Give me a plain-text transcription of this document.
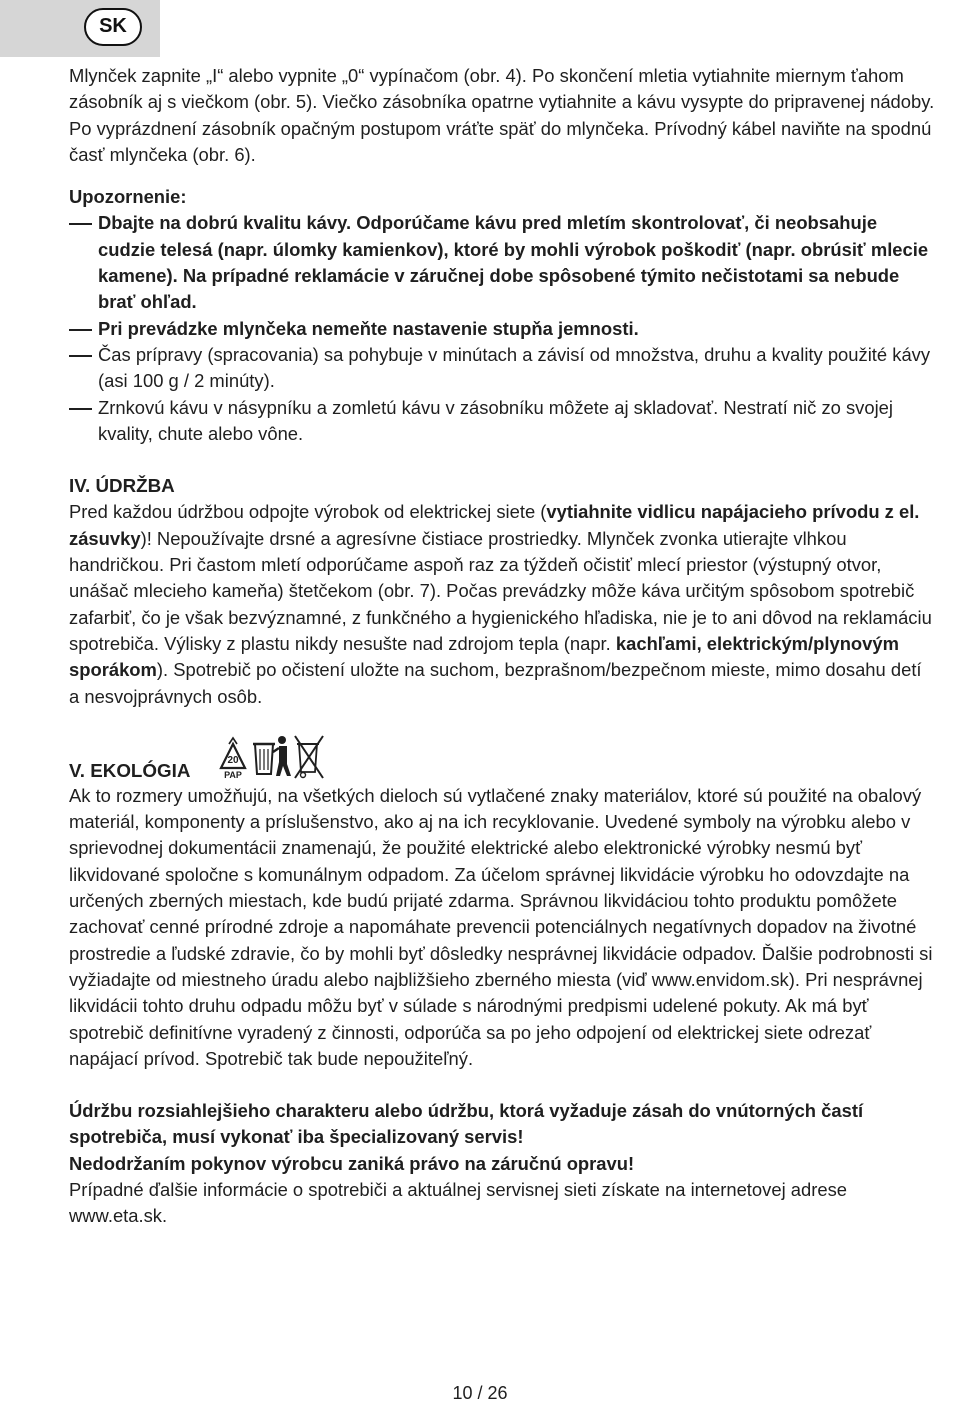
SK

Mlynček zapnite „I“ alebo vypnite „0“ vypínačom (obr. 4). Po skončení mletia vytiahnite miernym ťahom zásobník aj s viečkom (obr. 5). Viečko zásobníka opatrne vytiahnite a kávu vysypte do pripravenej nádoby. Po vyprázdnení zásobník opačným postupom vráťte späť do mlynčeka. Prívodný kábel naviňte na spodnú časť mlynčeka (obr. 6).

Upozornenie:

Dbajte na dobrú kvalitu kávy. Odporúčame kávu pred mletím skontrolovať, či neobsahuje cudzie telesá (napr. úlomky kamienkov), ktoré by mohli výrobok poškodiť (napr. obrúsiť mlecie kamene). Na prípadné reklamácie v záručnej dobe spôsobené týmito nečistotami sa nebude brať ohľad.
Pri prevádzke mlynčeka nemeňte nastavenie stupňa jemnosti.
Čas prípravy (spracovania) sa pohybuje v minútach a závisí od množstva, druhu a kvality použité kávy (asi 100 g / 2 minúty).
Zrnkovú kávu v násypníku a zomletú kávu v zásobníku môžete aj skladovať. Nestratí nič zo svojej kvality, chute alebo vône.

IV. ÚDRŽBA

Pred každou údržbou odpojte výrobok od elektrickej siete (vytiahnite vidlicu napájacieho prívodu z el. zásuvky)! Nepoužívajte drsné a agresívne čistiace prostriedky. Mlynček zvonka utierajte vlhkou handričkou. Pri častom mletí odporúčame aspoň raz za týždeň očistiť mlecí priestor (výstupný otvor, unášač mlecieho kameňa) štetčekom (obr. 7). Počas prevádzky môže káva určitým spôsobom spotrebič zafarbiť, čo je však bezvýznamné, z funkčného a hygienického hľadiska, nie je to ani dôvod na reklamáciu spotrebiča. Výlisky z plastu nikdy nesušte nad zdrojom tepla (napr. kachľami, elektrickým/plynovým sporákom). Spotrebič po očistení uložte na suchom, bezprašnom/bezpečnom mieste, mimo dosahu detí a nesvojprávnych osôb.

V. EKOLÓGIA	20
PAP

Ak to rozmery umožňujú, na všetkých dieloch sú vytlačené znaky materiálov, ktoré sú použité na obalový materiál, komponenty a príslušenstvo, ako aj na ich recyklovanie. Uvedené symboly na výrobku alebo v sprievodnej dokumentácii znamenajú, že použité elektrické alebo elektronické výrobky nesmú byť likvidované spoločne s komunálnym odpadom. Za účelom správnej likvidácie výrobku ho odovzdajte na určených zberných miestach, kde budú prijaté zdarma. Správnou likvidáciou tohto produktu pomôžete zachovať cenné prírodné zdroje a napomáhate prevencii potenciálnych negatívnych dopadov na životné prostredie a ľudské zdravie, čo by mohli byť dôsledky nesprávnej likvidácie odpadov. Ďalšie podrobnosti si vyžiadajte od miestneho úradu alebo najbližšieho zberného miesta (viď www.envidom.sk). Pri nesprávnej likvidácii tohto druhu odpadu môžu byť v súlade s národnými predpismi udelené pokuty. Ak má byť spotrebič definitívne vyradený z činnosti, odporúča sa po jeho odpojení od elektrickej siete odrezať napájací prívod. Spotrebič tak bude nepoužiteľný.

Údržbu rozsiahlejšieho charakteru alebo údržbu, ktorá vyžaduje zásah do vnútorných častí spotrebiča, musí vykonať iba špecializovaný servis!

Nedodržaním pokynov výrobcu zaniká právo na záručnú opravu!

Prípadné ďalšie informácie o spotrebiči a aktuálnej servisnej sieti získate na internetovej adrese www.eta.sk.

10 / 26
